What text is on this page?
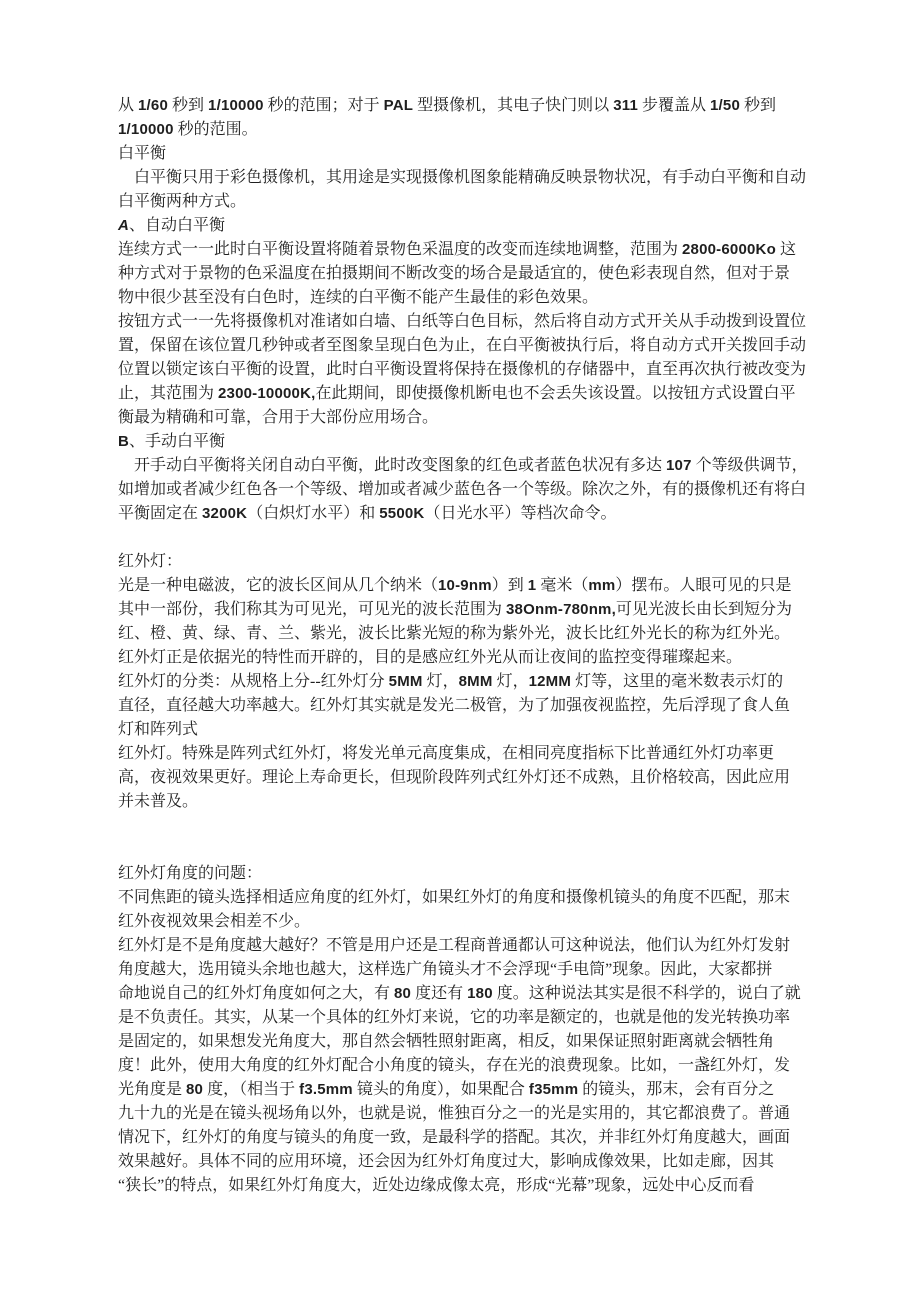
从 1/60 秒到 1/10000 秒的范围；对于 PAL 型摄像机，其电子快门则以 311 步覆盖从 1/50 秒到
1/10000 秒的范围。
白平衡
　白平衡只用于彩色摄像机，其用途是实现摄像机图象能精确反映景物状况，有手动白平衡和自动
白平衡两种方式。
A、自动白平衡
连续方式一一此时白平衡设置将随着景物色采温度的改变而连续地调整，范围为 2800-6000Ko 这
种方式对于景物的色采温度在拍摄期间不断改变的场合是最适宜的，使色彩表现自然，但对于景
物中很少甚至没有白色时，连续的白平衡不能产生最佳的彩色效果。
按钮方式一一先将摄像机对准诸如白墙、白纸等白色目标，然后将自动方式开关从手动拨到设置位
置，保留在该位置几秒钟或者至图象呈现白色为止，在白平衡被执行后，将自动方式开关拨回手动
位置以锁定该白平衡的设置，此时白平衡设置将保持在摄像机的存储器中，直至再次执行被改变为
止，其范围为 2300-10000K,在此期间，即使摄像机断电也不会丢失该设置。以按钮方式设置白平
衡最为精确和可靠，合用于大部份应用场合。
B、手动白平衡
　开手动白平衡将关闭自动白平衡，此时改变图象的红色或者蓝色状况有多达 107 个等级供调节，
如增加或者减少红色各一个等级、增加或者减少蓝色各一个等级。除次之外，有的摄像机还有将白
平衡固定在 3200K（白炽灯水平）和 5500K（日光水平）等档次命令。

红外灯：
光是一种电磁波，它的波长区间从几个纳米（10-9nm）到 1 毫米（mm）摆布。人眼可见的只是
其中一部份，我们称其为可见光，可见光的波长范围为 38Onm-780nm,可见光波长由长到短分为
红、橙、黄、绿、青、兰、紫光，波长比紫光短的称为紫外光，波长比红外光长的称为红外光。
红外灯正是依据光的特性而开辟的，目的是感应红外光从而让夜间的监控变得璀璨起来。
红外灯的分类：从规格上分--红外灯分 5MM 灯，8MM 灯，12MM 灯等，这里的毫米数表示灯的
直径，直径越大功率越大。红外灯其实就是发光二极管，为了加强夜视监控，先后浮现了食人鱼
灯和阵列式
红外灯。特殊是阵列式红外灯，将发光单元高度集成，在相同亮度指标下比普通红外灯功率更
高，夜视效果更好。理论上寿命更长，但现阶段阵列式红外灯还不成熟，且价格较高，因此应用
并未普及。

红外灯角度的问题：
不同焦距的镜头选择相适应角度的红外灯，如果红外灯的角度和摄像机镜头的角度不匹配，那末
红外夜视效果会相差不少。
红外灯是不是角度越大越好？不管是用户还是工程商普通都认可这种说法，他们认为红外灯发射
角度越大，选用镜头余地也越大，这样选广角镜头才不会浮现“手电筒”现象。因此，大家都拼
命地说自己的红外灯角度如何之大，有 80 度还有 180 度。这种说法其实是很不科学的，说白了就
是不负责任。其实，从某一个具体的红外灯来说，它的功率是额定的，也就是他的发光转换功率
是固定的，如果想发光角度大，那自然会牺牲照射距离，相反，如果保证照射距离就会牺牲角
度！此外，使用大角度的红外灯配合小角度的镜头，存在光的浪费现象。比如，一盏红外灯，发
光角度是 80 度，（相当于 f3.5mm 镜头的角度），如果配合 f35mm 的镜头，那末，会有百分之
九十九的光是在镜头视场角以外，也就是说，惟独百分之一的光是实用的，其它都浪费了。普通
情况下，红外灯的角度与镜头的角度一致，是最科学的搭配。其次，并非红外灯角度越大，画面
效果越好。具体不同的应用环境，还会因为红外灯角度过大，影响成像效果，比如走廊，因其
“狭长”的特点，如果红外灯角度大，近处边缘成像太亮，形成“光幕”现象，远处中心反而看
